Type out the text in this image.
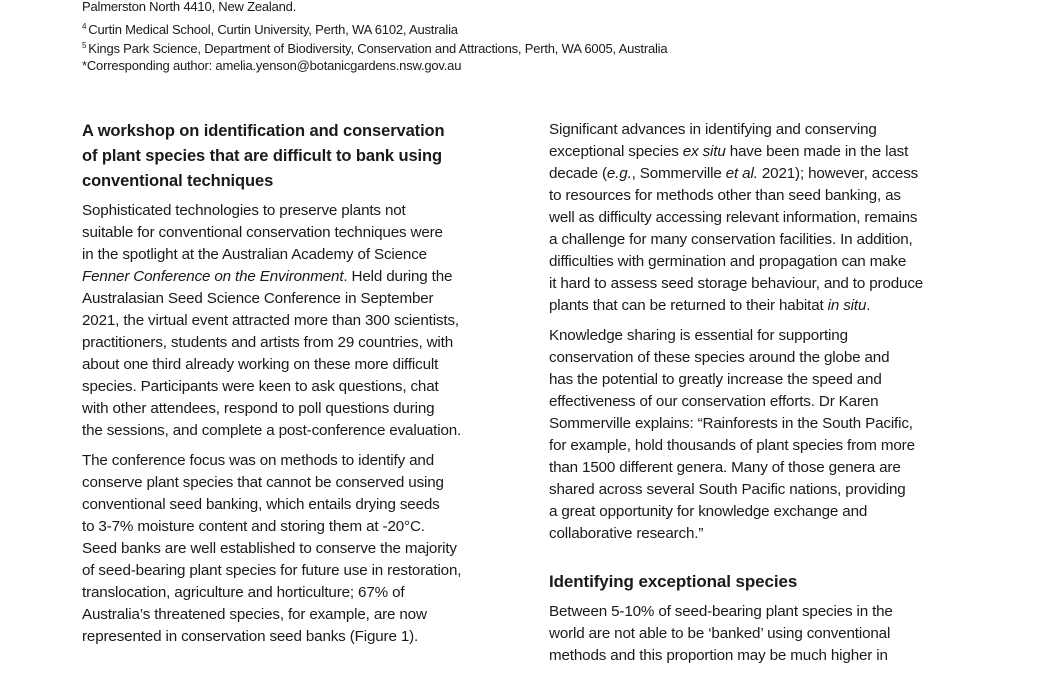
Palmerston North 4410, New Zealand.
$^4$ Curtin Medical School, Curtin University, Perth, WA 6102, Australia
$^5$ Kings Park Science, Department of Biodiversity, Conservation and Attractions, Perth, WA 6005, Australia
*Corresponding author: amelia.yenson@botanicgardens.nsw.gov.au
A workshop on identification and conservation
of plant species that are difficult to bank using
conventional techniques

Sophisticated technologies to preserve plants not
suitable for conventional conservation techniques were
in the spotlight at the Australian Academy of Science
Fenner Conference on the Environment. Held during the
Australasian Seed Science Conference in September
2021, the virtual event attracted more than 300 scientists,
practitioners, students and artists from 29 countries, with
about one third already working on these more difficult
species. Participants were keen to ask questions, chat
with other attendees, respond to poll questions during
the sessions, and complete a post-conference evaluation.

The conference focus was on methods to identify and
conserve plant species that cannot be conserved using
conventional seed banking, which entails drying seeds
to 3-7% moisture content and storing them at -20°C.
Seed banks are well established to conserve the majority
of seed-bearing plant species for future use in restoration,
translocation, agriculture and horticulture; 67% of
Australia’s threatened species, for example, are now
represented in conservation seed banks (Figure 1).

Significant advances in identifying and conserving
exceptional species ex situ have been made in the last
decade (e.g., Sommerville et al. 2021); however, access
to resources for methods other than seed banking, as
well as difficulty accessing relevant information, remains
a challenge for many conservation facilities. In addition,
difficulties with germination and propagation can make
it hard to assess seed storage behaviour, and to produce
plants that can be returned to their habitat in situ.

Knowledge sharing is essential for supporting
conservation of these species around the globe and
has the potential to greatly increase the speed and
effectiveness of our conservation efforts. Dr Karen
Sommerville explains: “Rainforests in the South Pacific,
for example, hold thousands of plant species from more
than 1500 different genera. Many of those genera are
shared across several South Pacific nations, providing
a great opportunity for knowledge exchange and
collaborative research.”

Identifying exceptional species

Between 5-10% of seed-bearing plant species in the
world are not able to be ‘banked’ using conventional
methods and this proportion may be much higher in
